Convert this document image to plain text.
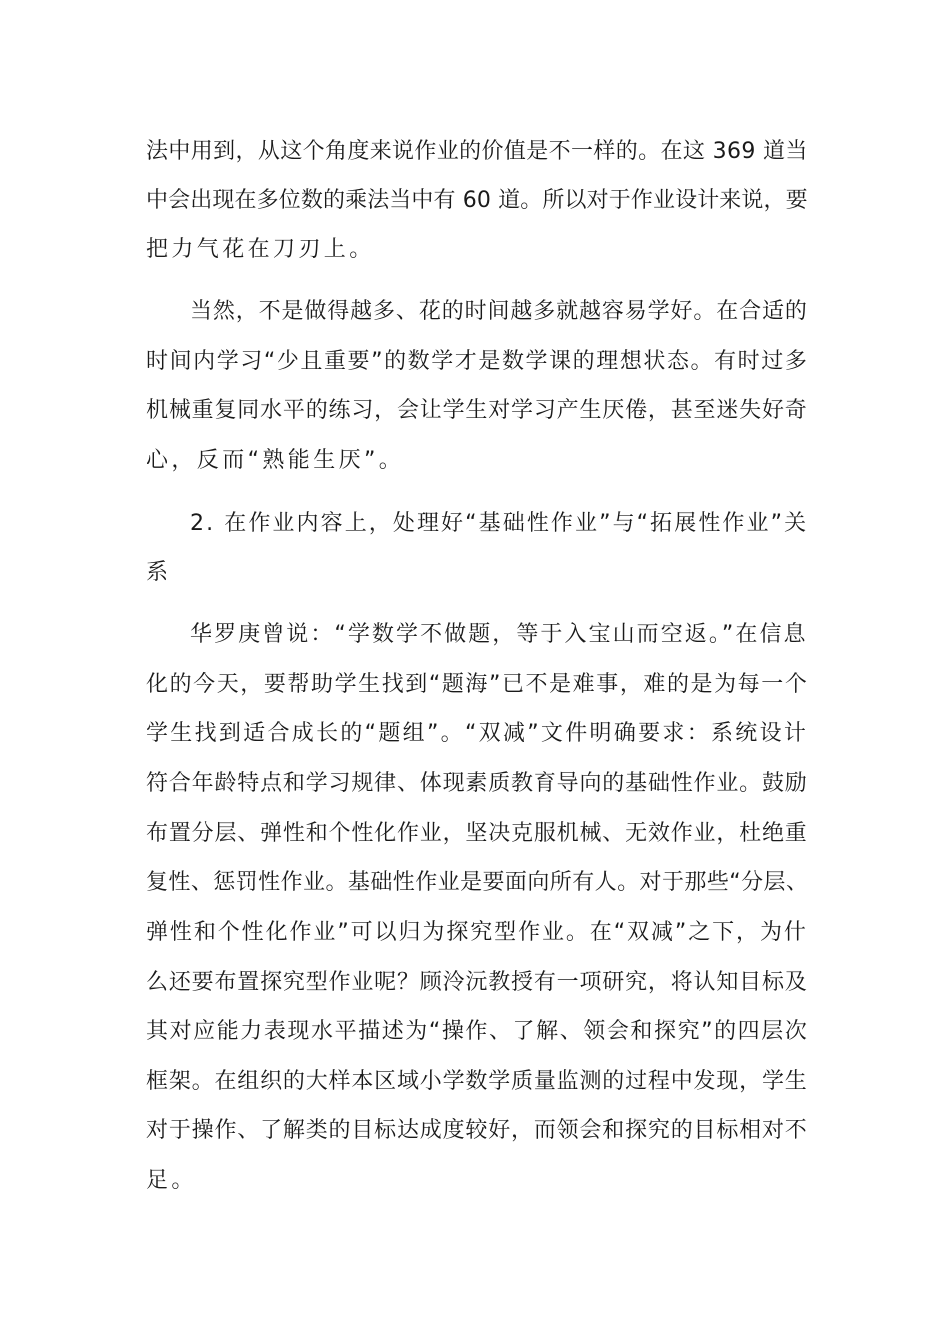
法中用到，从这个角度来说作业的价值是不一样的。在这 369 道当
中会出现在多位数的乘法当中有 60 道。所以对于作业设计来说，要
把力气花在刀刃上。
当然，不是做得越多、花的时间越多就越容易学好。在合适的
时间内学习“少且重要”的数学才是数学课的理想状态。有时过多
机械重复同水平的练习，会让学生对学习产生厌倦，甚至迷失好奇
心，反而“熟能生厌”。
2. 在作业内容上，处理好“基础性作业”与“拓展性作业”关
系
华罗庚曾说：“学数学不做题，等于入宝山而空返。”在信息
化的今天，要帮助学生找到“题海”已不是难事，难的是为每一个
学生找到适合成长的“题组”。“双减”文件明确要求：系统设计
符合年龄特点和学习规律、体现素质教育导向的基础性作业。鼓励
布置分层、弹性和个性化作业，坚决克服机械、无效作业，杜绝重
复性、惩罚性作业。基础性作业是要面向所有人。对于那些“分层、
弹性和个性化作业”可以归为探究型作业。在“双减”之下，为什
么还要布置探究型作业呢？顾泠沅教授有一项研究，将认知目标及
其对应能力表现水平描述为“操作、了解、领会和探究”的四层次
框架。在组织的大样本区域小学数学质量监测的过程中发现，学生
对于操作、了解类的目标达成度较好，而领会和探究的目标相对不
足。
